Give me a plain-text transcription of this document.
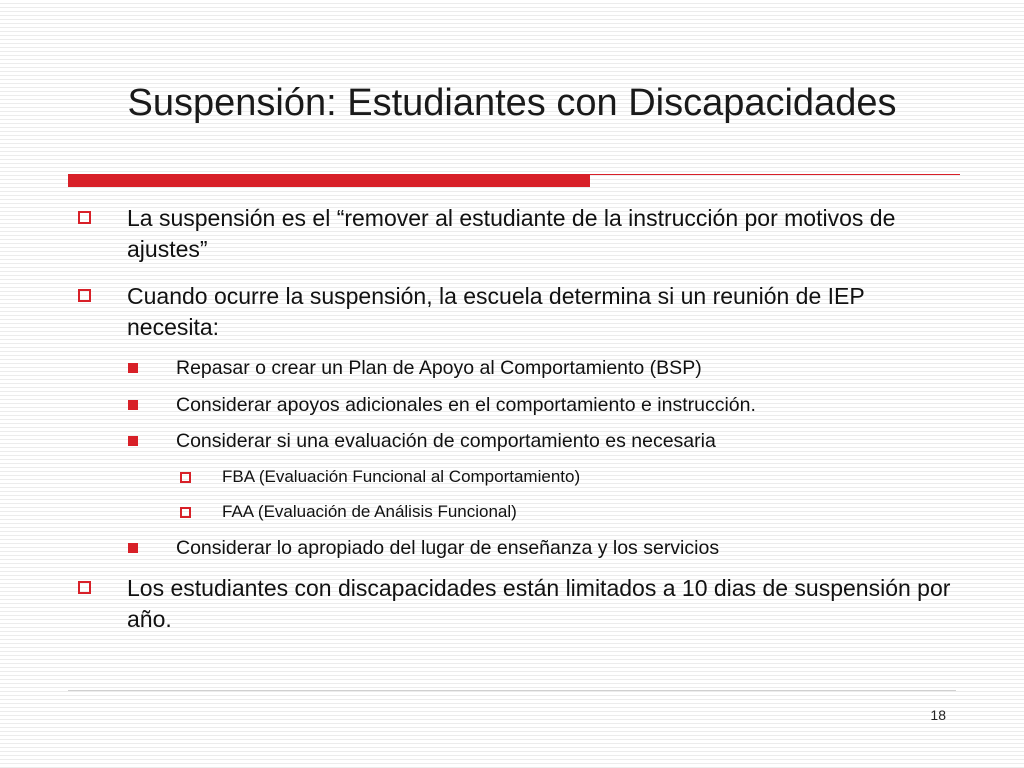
Suspensión: Estudiantes con Discapacidades
La suspensión es el “remover al estudiante de la instrucción por motivos de ajustes”
Cuando ocurre la suspensión, la escuela determina si un reunión de IEP necesita:
Repasar o crear un Plan de Apoyo al Comportamiento (BSP)
Considerar apoyos adicionales en el comportamiento e instrucción.
Considerar si una evaluación de comportamiento es necesaria
FBA (Evaluación Funcional al Comportamiento)
FAA (Evaluación de Análisis Funcional)
Considerar lo apropiado del lugar de enseñanza y los servicios
Los estudiantes con discapacidades están limitados a 10 dias de suspensión por año.
18
